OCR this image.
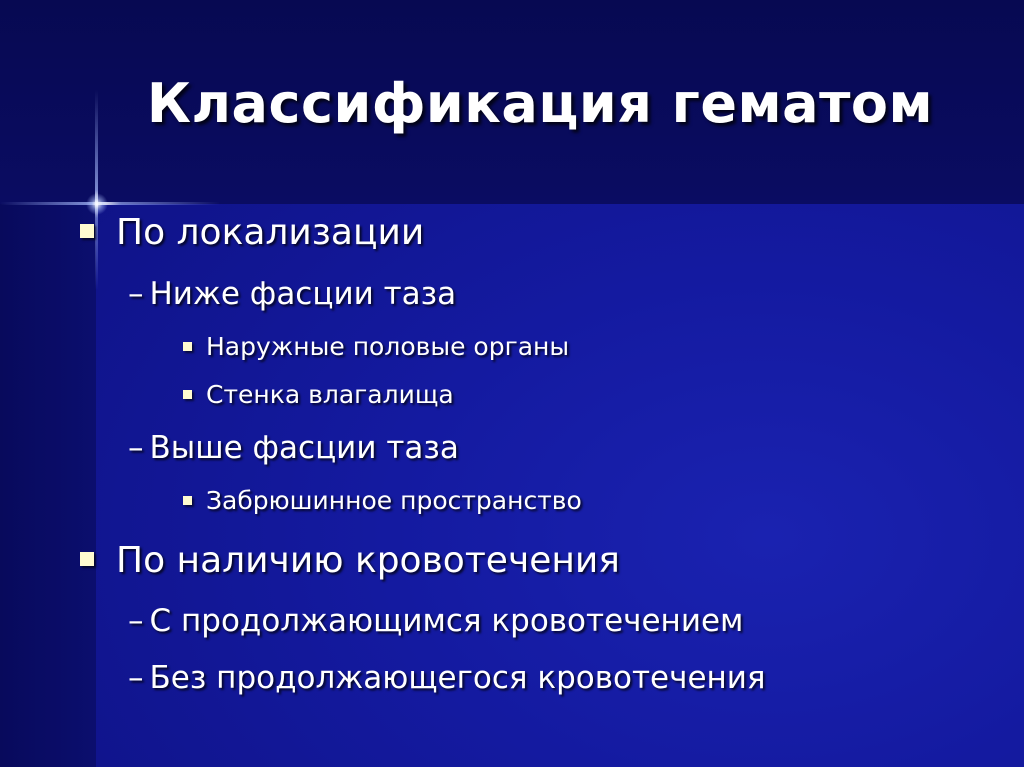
Классификация гематом
По локализации
– Ниже фасции таза
Наружные половые органы
Стенка влагалища
– Выше фасции таза
Забрюшинное пространство
По наличию кровотечения
– С продолжающимся кровотечением
– Без продолжающегося кровотечения
